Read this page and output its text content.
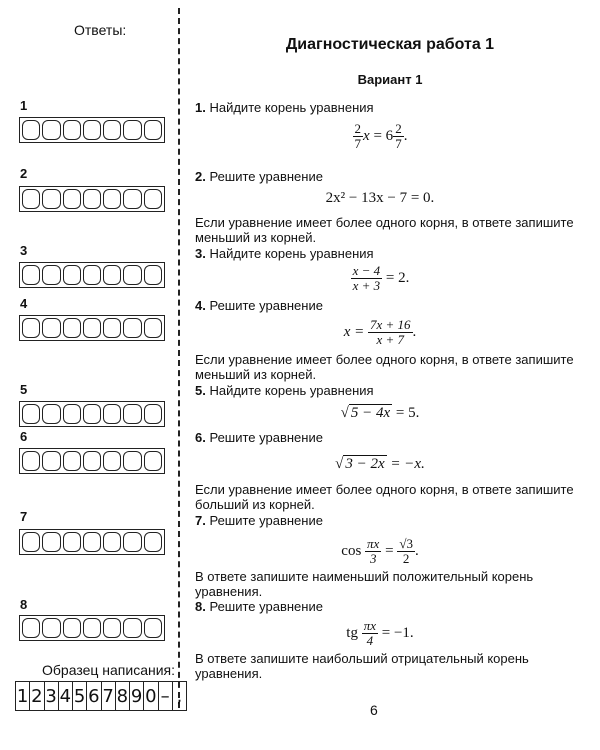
Ответы:
1
2
3
4
5
6
7
8
Образец написания:
1 2 3 4 5 6 7 8 9 0 – ,
Диагностическая работа 1
Вариант 1
1. Найдите корень уравнения
$\frac{2}{7}$ $x = 6 \frac{2}{7}$ .
2. Решите уравнение
2x² − 13x − 7 = 0.
Если уравнение имеет более одного корня, в ответе запишите меньший из корней.
3. Найдите корень уравнения
$\frac{x - 4}{x + 3} = 2$.
4. Решите уравнение
$x = \frac{7x + 16}{x + 7}$ .
Если уравнение имеет более одного корня, в ответе запишите меньший из корней.
5. Найдите корень уравнения
√ 5 − 4x = 5.
6. Решите уравнение
√ 3 − 2x = −x.
Если уравнение имеет более одного корня, в ответе запишите больший из корней.
7. Решите уравнение
$\cos \frac{\pi x}{3} = \frac{√3}{2}$ .
В ответе запишите наименьший положительный корень уравнения.
8. Решите уравнение
tg $\frac{\pi x}{4} = -1$.
В ответе запишите наибольший отрицательный корень уравнения.
6
